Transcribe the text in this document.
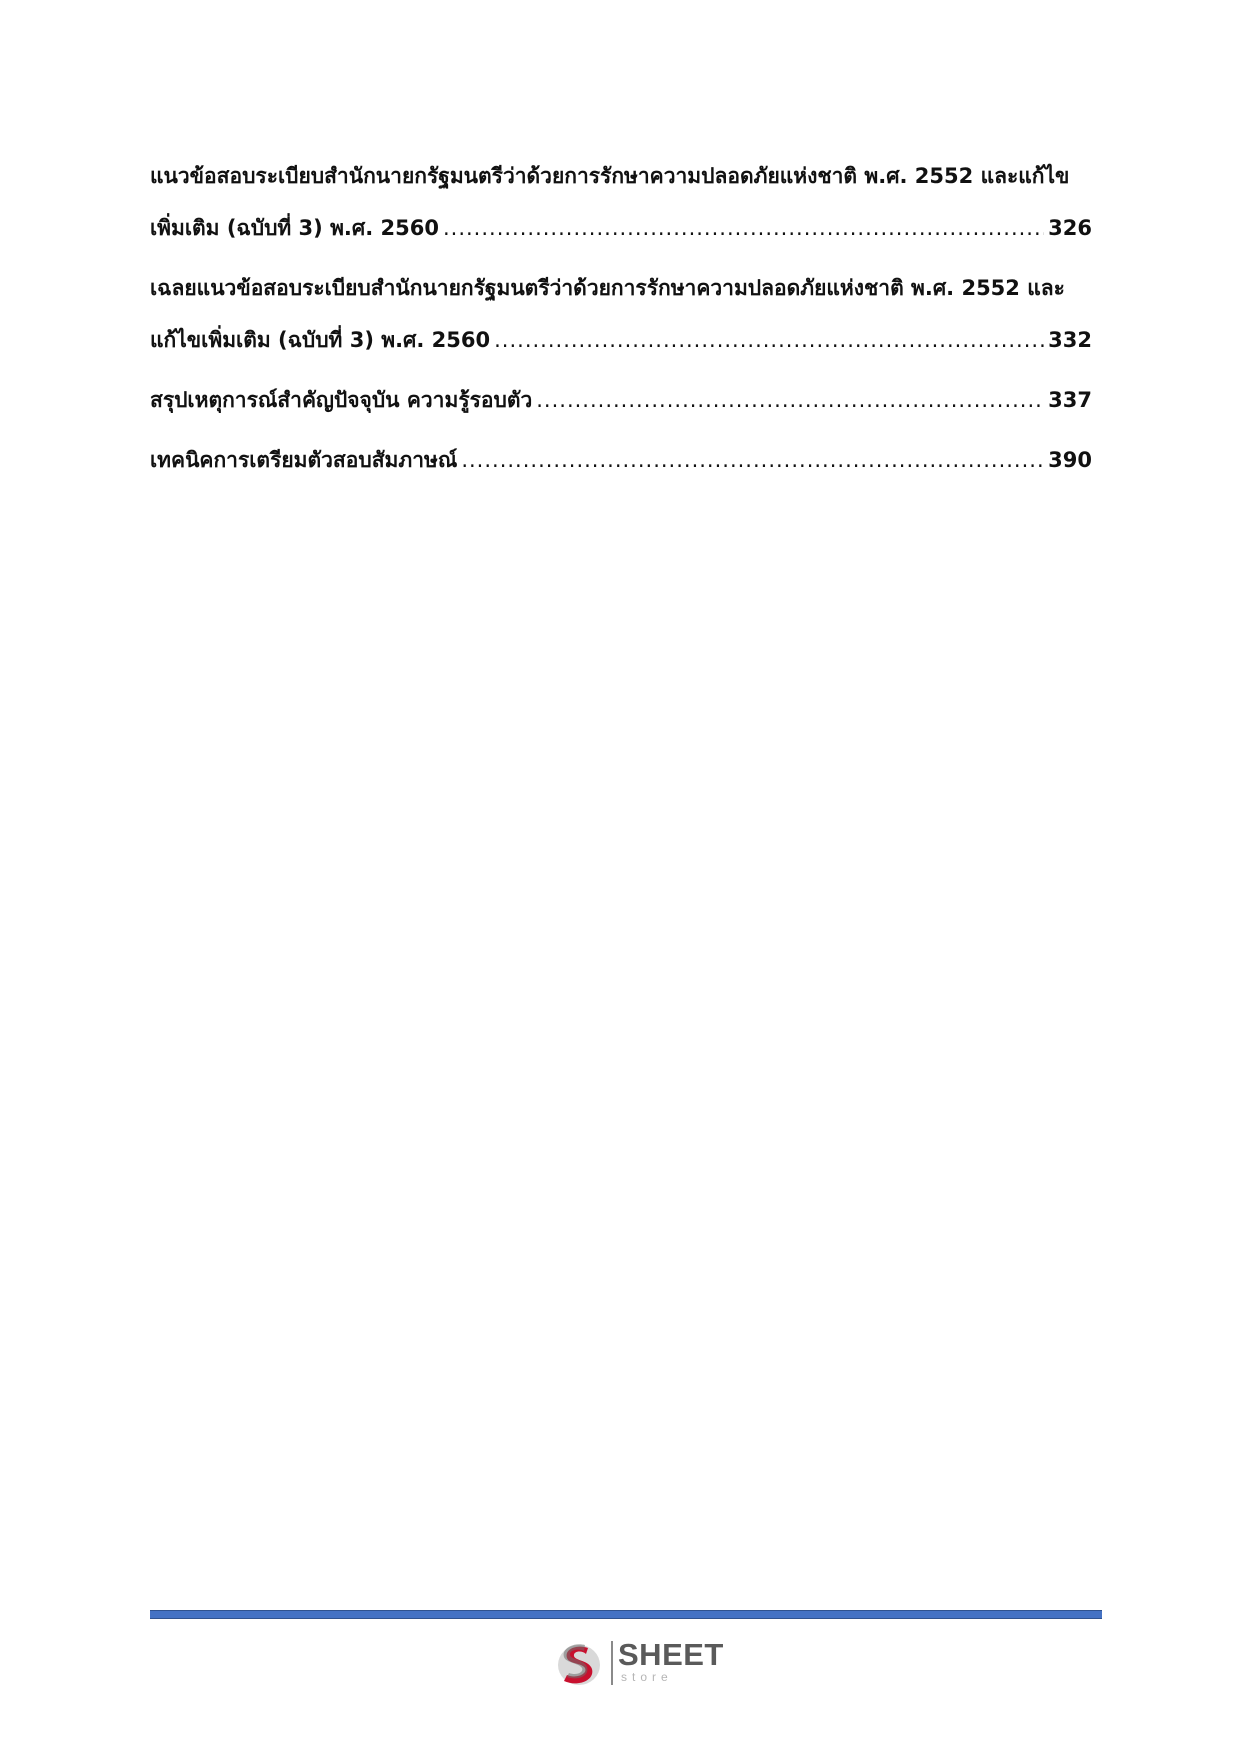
แนวข้อสอบระเบียบสำนักนายกรัฐมนตรีว่าด้วยการรักษาความปลอดภัยแห่งชาติ พ.ศ. 2552 และแก้ไข
เพิ่มเติม (ฉบับที่ 3) พ.ศ. 2560 .....	326
เฉลยแนวข้อสอบระเบียบสำนักนายกรัฐมนตรีว่าด้วยการรักษาความปลอดภัยแห่งชาติ พ.ศ. 2552 และ
แก้ไขเพิ่มเติม (ฉบับที่ 3) พ.ศ. 2560 .....	332
สรุปเหตุการณ์สำคัญปัจจุบัน ความรู้รอบตัว .....	337
เทคนิคการเตรียมตัวสอบสัมภาษณ์ .....	390
SHEET
store
